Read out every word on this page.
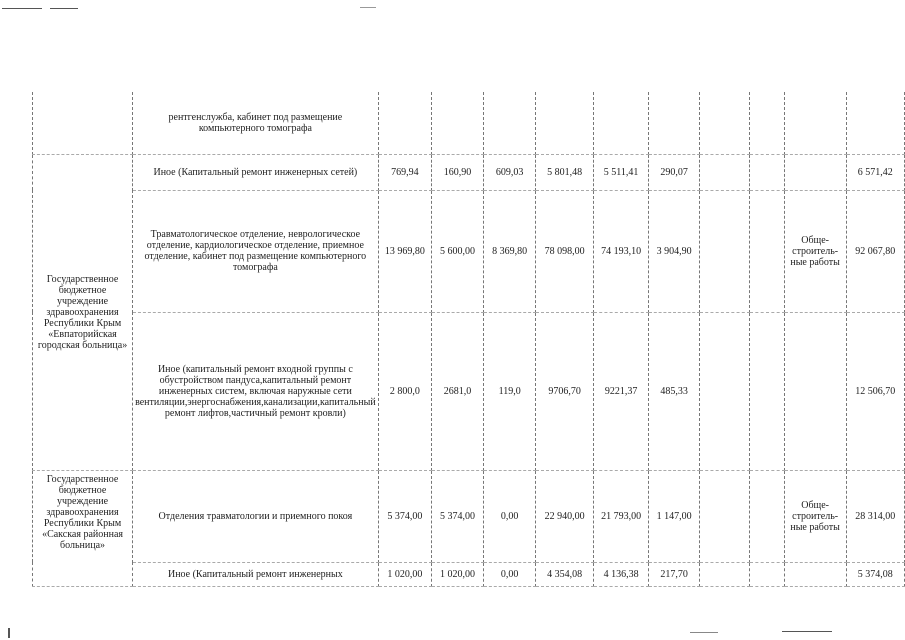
	рентгенслужба, кабинет под размещение компьютерного томографа										
Государственное бюджетное учреждение здравоохранения Республики Крым «Евпаторийская городская больница»	Иное (Капитальный ремонт инженерных сетей)	769,94	160,90	609,03	5 801,48	5 511,41	290,07				6 571,42
	Травматологическое отделение, неврологическое отделение, кардиологическое отделение, приемное отделение, кабинет под размещение компьютерного томографа	13 969,80	5 600,00	8 369,80	78 098,00	74 193,10	3 904,90			Обще-строитель-ные работы	92 067,80
	Иное (капитальный ремонт входной группы с обустройством пандуса,капитальный ремонт инженерных систем, включая наружные сети вентиляции,энергоснабжения,канализации,капитальный ремонт лифтов,частичный ремонт кровли)	2 800,0	2681,0	119,0	9706,70	9221,37	485,33				12 506,70
Государственное бюджетное учреждение здравоохранения Республики Крым «Сакская районная больница»	Отделения травматологии и приемного покоя	5 374,00	5 374,00	0,00	22 940,00	21 793,00	1 147,00			Обще-строитель-ные работы	28 314,00
	Иное (Капитальный ремонт инженерных	1 020,00	1 020,00	0,00	4 354,08	4 136,38	217,70				5 374,08
